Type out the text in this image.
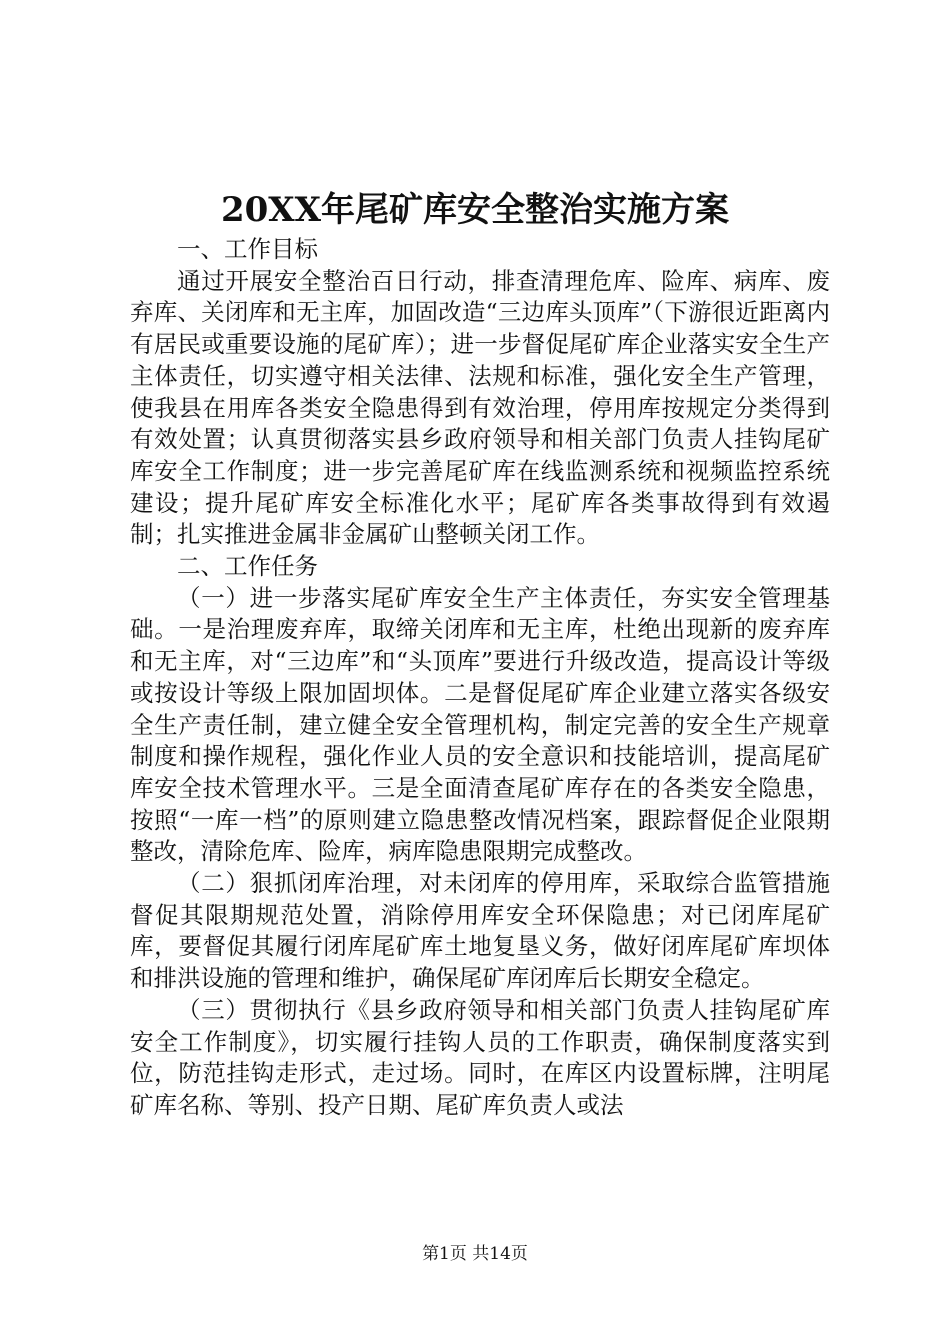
20XX年尾矿库安全整治实施方案

一、工作目标

通过开展安全整治百日行动，排查清理危库、险库、病库、废弃库、关闭库和无主库，加固改造“三边库头顶库”（下游很近距离内有居民或重要设施的尾矿库）；进一步督促尾矿库企业落实安全生产主体责任，切实遵守相关法律、法规和标准，强化安全生产管理，使我县在用库各类安全隐患得到有效治理，停用库按规定分类得到有效处置；认真贯彻落实县乡政府领导和相关部门负责人挂钩尾矿库安全工作制度；进一步完善尾矿库在线监测系统和视频监控系统建设；提升尾矿库安全标准化水平；尾矿库各类事故得到有效遏制；扎实推进金属非金属矿山整顿关闭工作。

二、工作任务

（一）进一步落实尾矿库安全生产主体责任，夯实安全管理基础。一是治理废弃库，取缔关闭库和无主库，杜绝出现新的废弃库和无主库，对“三边库”和“头顶库”要进行升级改造，提高设计等级或按设计等级上限加固坝体。二是督促尾矿库企业建立落实各级安全生产责任制，建立健全安全管理机构，制定完善的安全生产规章制度和操作规程，强化作业人员的安全意识和技能培训，提高尾矿库安全技术管理水平。三是全面清查尾矿库存在的各类安全隐患，按照“一库一档”的原则建立隐患整改情况档案，跟踪督促企业限期整改，清除危库、险库，病库隐患限期完成整改。

（二）狠抓闭库治理，对未闭库的停用库，采取综合监管措施督促其限期规范处置，消除停用库安全环保隐患；对已闭库尾矿库，要督促其履行闭库尾矿库土地复垦义务，做好闭库尾矿库坝体和排洪设施的管理和维护，确保尾矿库闭库后长期安全稳定。

（三）贯彻执行《县乡政府领导和相关部门负责人挂钩尾矿库安全工作制度》，切实履行挂钩人员的工作职责，确保制度落实到位，防范挂钩走形式，走过场。同时，在库区内设置标牌，注明尾矿库名称、等别、投产日期、尾矿库负责人或法

第1页 共14页
